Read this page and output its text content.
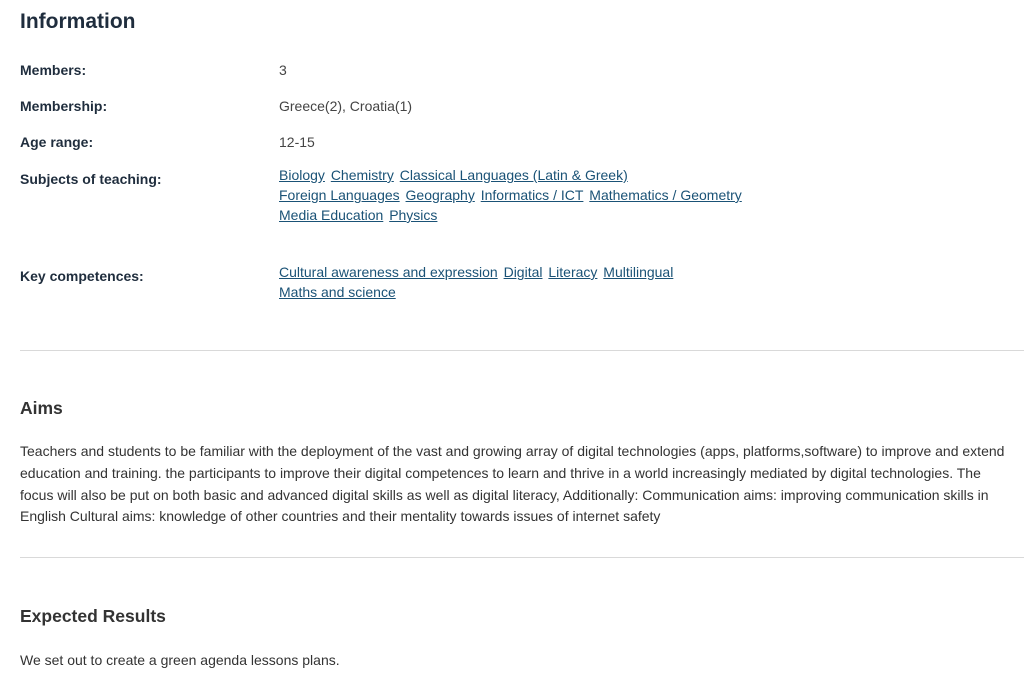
Information
Members:	3
Membership:	Greece(2), Croatia(1)
Age range:	12-15
Subjects of teaching:	Biology Chemistry Classical Languages (Latin & Greek)
Foreign Languages Geography Informatics / ICT Mathematics / Geometry
Media Education Physics
Key competences:	Cultural awareness and expression Digital Literacy Multilingual
Maths and science
Aims

Teachers and students to be familiar with the deployment of the vast and growing array of digital technologies (apps, platforms,software) to improve and extend education and training. the participants to improve their digital competences to learn and thrive in a world increasingly mediated by digital technologies. The focus will also be put on both basic and advanced digital skills as well as digital literacy, Additionally: Communication aims: improving communication skills in English Cultural aims: knowledge of other countries and their mentality towards issues of internet safety

Expected Results

We set out to create a green agenda lessons plans.
